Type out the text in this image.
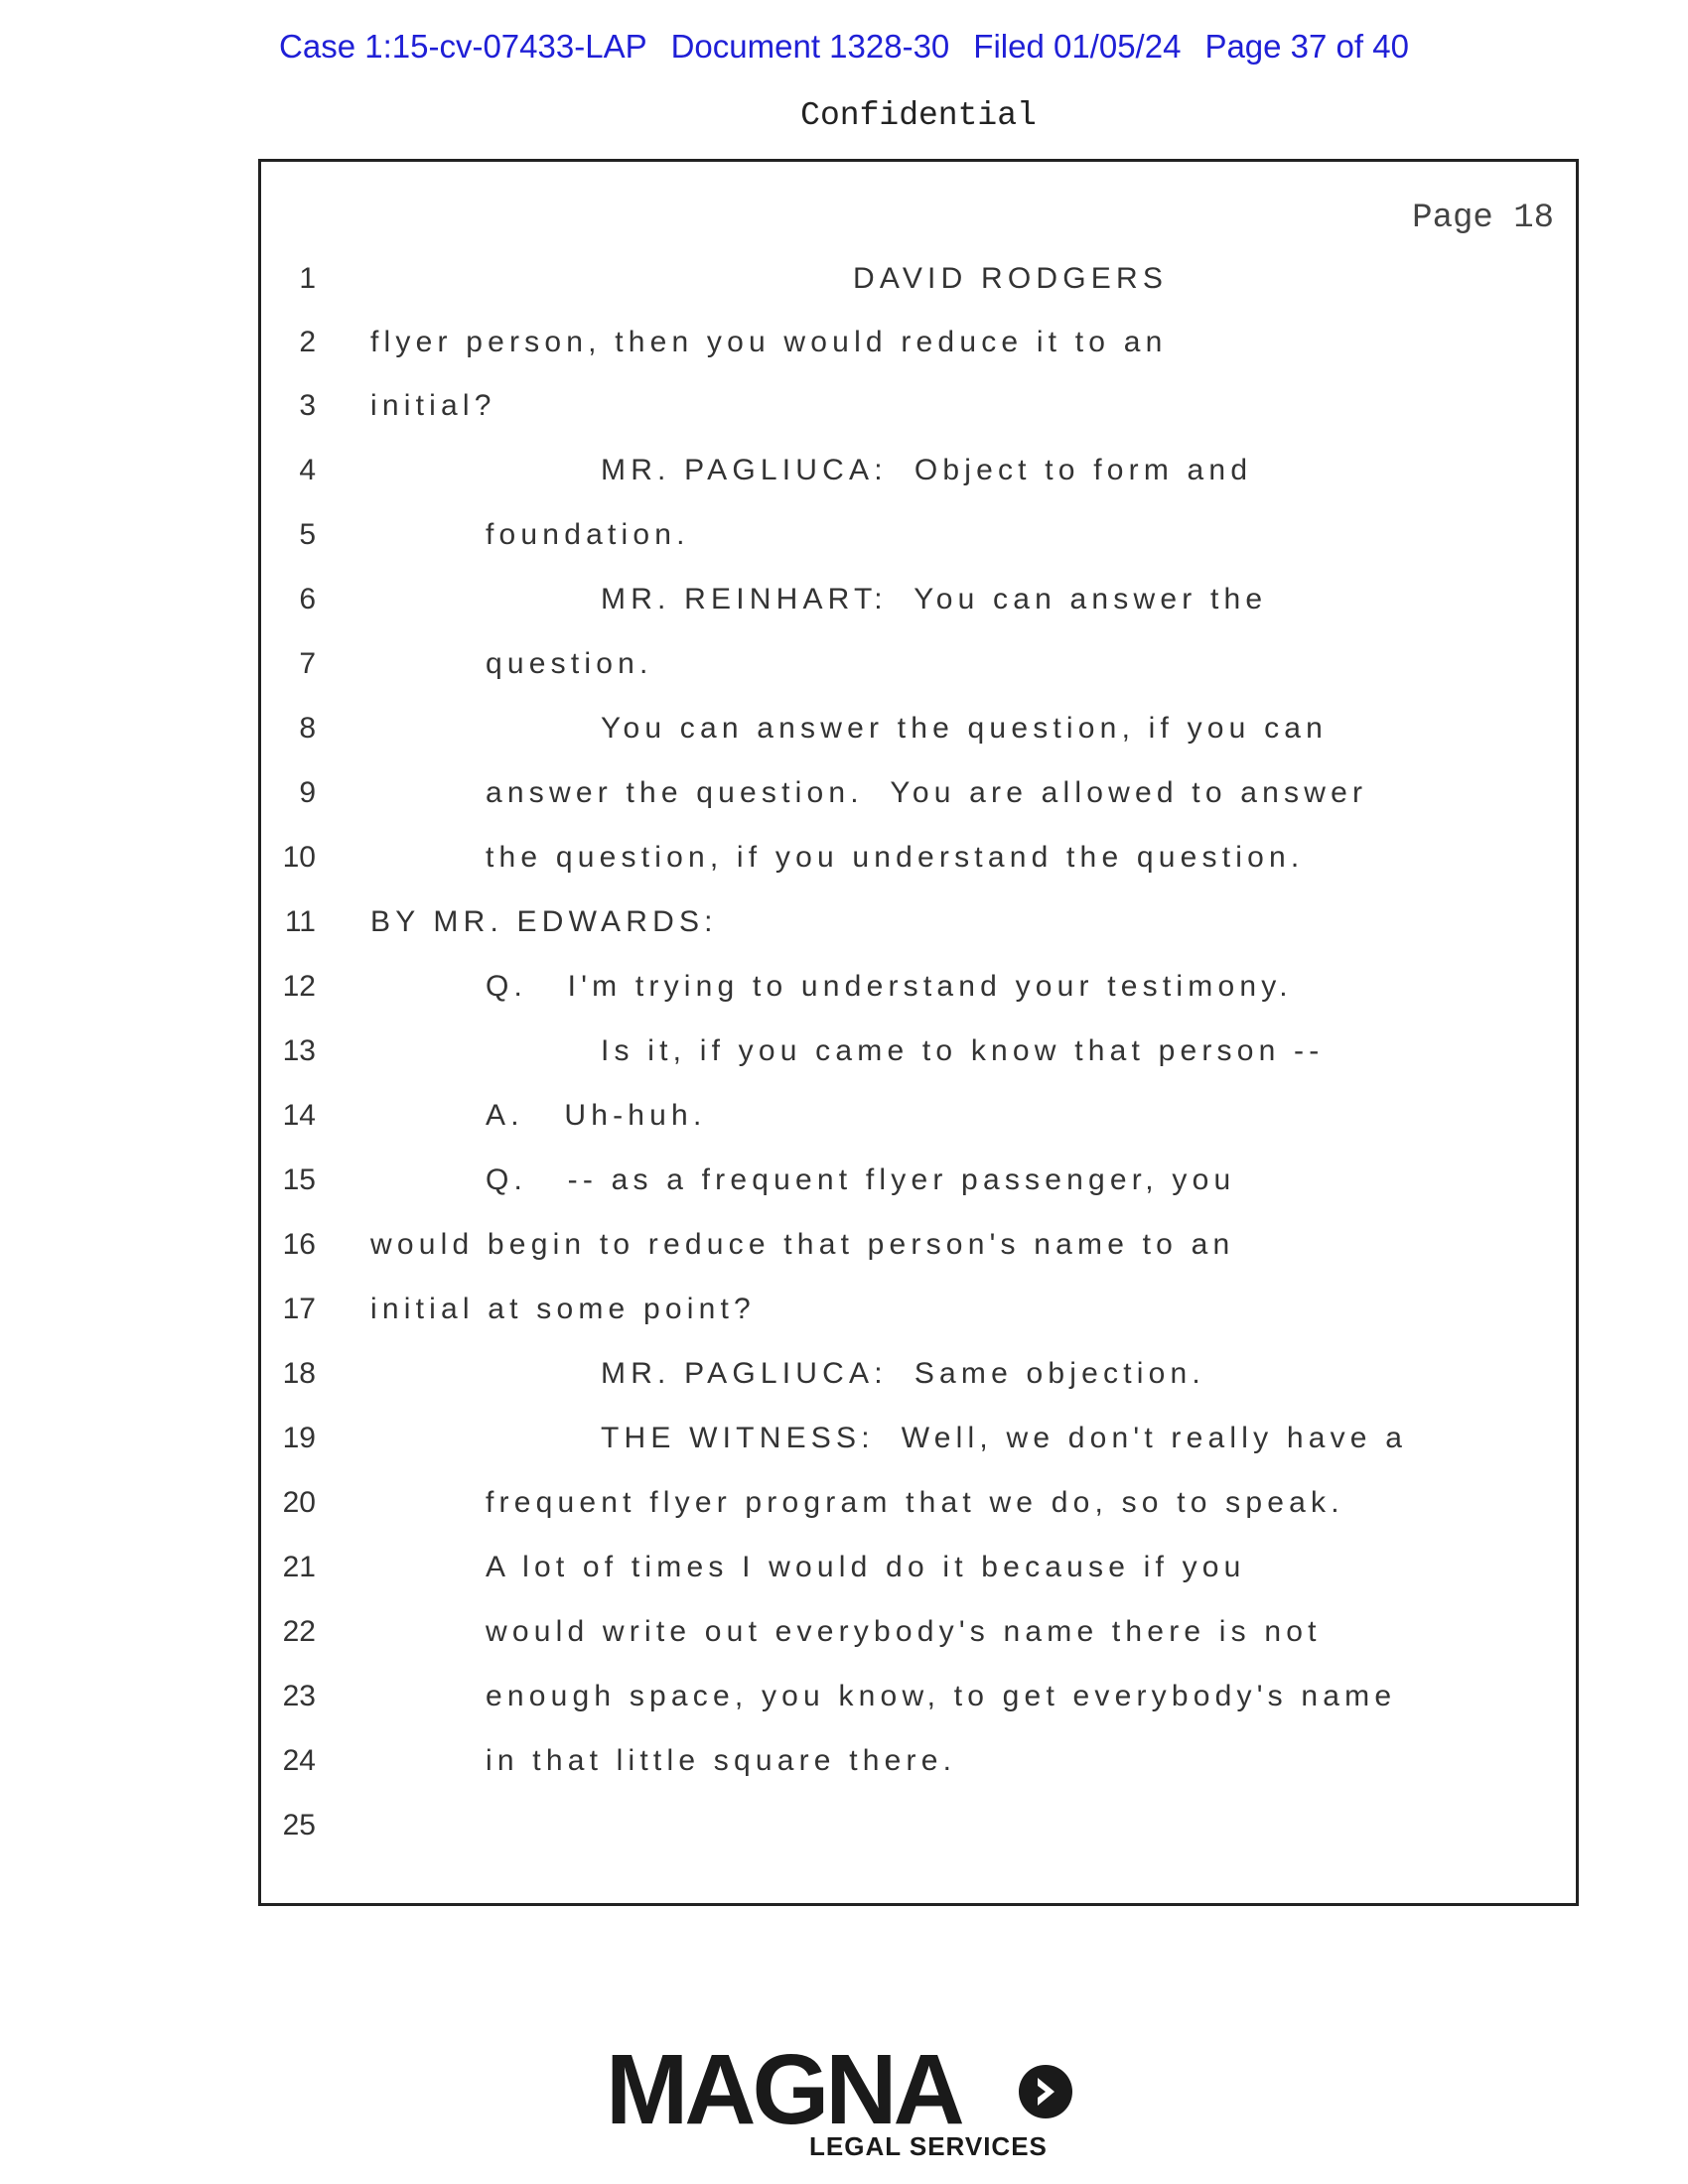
Case 1:15-cv-07433-LAP Document 1328-30 Filed 01/05/24 Page 37 of 40
Confidential
Page 18
1	DAVID RODGERS
2 flyer person, then you would reduce it to an
3 initial?
4	MR. PAGLIUCA:  Object to form and
5	foundation.
6	MR. REINHART:  You can answer the
7	question.
8	You can answer the question, if you can
9	answer the question.  You are allowed to answer
10	the question, if you understand the question.
11 BY MR. EDWARDS:
12	Q.   I'm trying to understand your testimony.
13	Is it, if you came to know that person --
14	A.   Uh-huh.
15	Q.   -- as a frequent flyer passenger, you
16 would begin to reduce that person's name to an
17 initial at some point?
18	MR. PAGLIUCA:  Same objection.
19	THE WITNESS:  Well, we don't really have a
20	frequent flyer program that we do, so to speak.
21	A lot of times I would do it because if you
22	would write out everybody's name there is not
23	enough space, you know, to get everybody's name
24	in that little square there.
25
MAGNA
LEGAL SERVICES
